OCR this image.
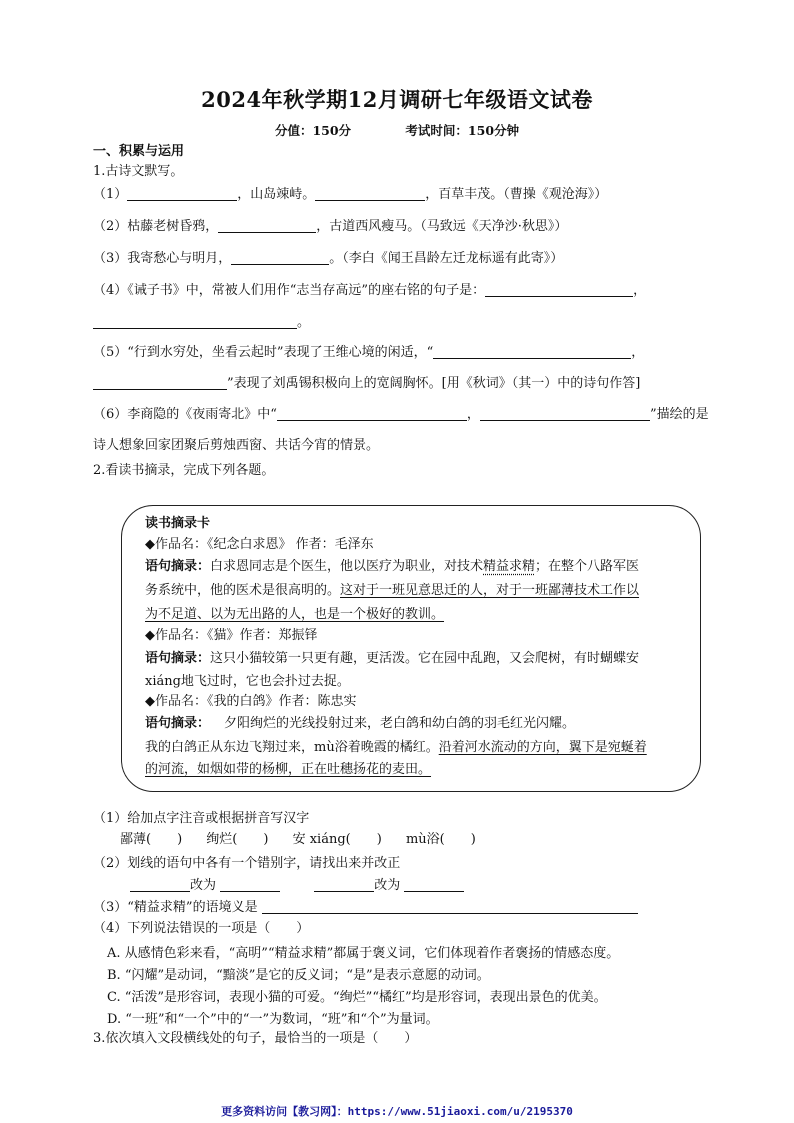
2024年秋学期12月调研七年级语文试卷
分值：150分	考试时间：150分钟
一、积累与运用
1.古诗文默写。
（1）	，山岛竦峙。	，百草丰茂。（曹操《观沧海》）
（2）枯藤老树昏鸦，	，古道西风瘦马。（马致远《天净沙·秋思》）
（3）我寄愁心与明月，	。（李白《闻王昌龄左迁龙标遥有此寄》）
（4）《诫子书》中，常被人们用作“志当存高远”的座右铭的句子是：	，
。
（5）“行到水穷处，坐看云起时”表现了王维心境的闲适，“	，
”表现了刘禹锡积极向上的宽阔胸怀。[用《秋词》（其一）中的诗句作答]
（6）李商隐的《夜雨寄北》中“	，	”描绘的是
诗人想象回家团聚后剪烛西窗、共话今宵的情景。
2.看读书摘录，完成下列各题。
读书摘录卡
◆作品名：《纪念白求恩》 作者：毛泽东
语句摘录：白求恩同志是个医生，他以医疗为职业，对技术精益求精；在整个八路军医
务系统中，他的医术是很高明的。这对于一班见意思迁的人，对于一班鄙薄技术工作以
为不足道、以为无出路的人，也是一个极好的教训。
◆作品名：《猫》作者：郑振铎
语句摘录：这只小猫较第一只更有趣，更活泼。它在园中乱跑，又会爬树，有时蝴蝶安
xiáng地飞过时，它也会扑过去捉。
◆作品名：《我的白鸽》作者：陈忠实
语句摘录： 夕阳绚烂的光线投射过来，老白鸽和幼白鸽的羽毛红光闪耀。
我的白鸽正从东边飞翔过来，mù浴着晚霞的橘红。沿着河水流动的方向，翼下是宛蜒着
的河流，如烟如带的杨柳，正在吐穗扬花的麦田。
（1）给加点字注音或根据拼音写汉字
鄙薄(　　) 绚烂(　　) 安 xiáng(　　) mù浴(　　)
（2）划线的语句中各有一个错别字，请找出来并改正
改为	改为
（3）“精益求精”的语境义是
（4）下列说法错误的一项是（　　）
A. 从感情色彩来看，“高明”“精益求精”都属于褒义词，它们体现着作者褒扬的情感态度。
B. “闪耀”是动词，“黯淡”是它的反义词；“是”是表示意愿的动词。
C. “活泼”是形容词，表现小猫的可爱。“绚烂”“橘红”均是形容词，表现出景色的优美。
D. “一班”和“一个”中的“一”为数词，“班”和“个”为量词。
3.依次填入文段横线处的句子，最恰当的一项是（　　）
更多资料访问【教习网】：https://www.51jiaoxi.com/u/2195370
